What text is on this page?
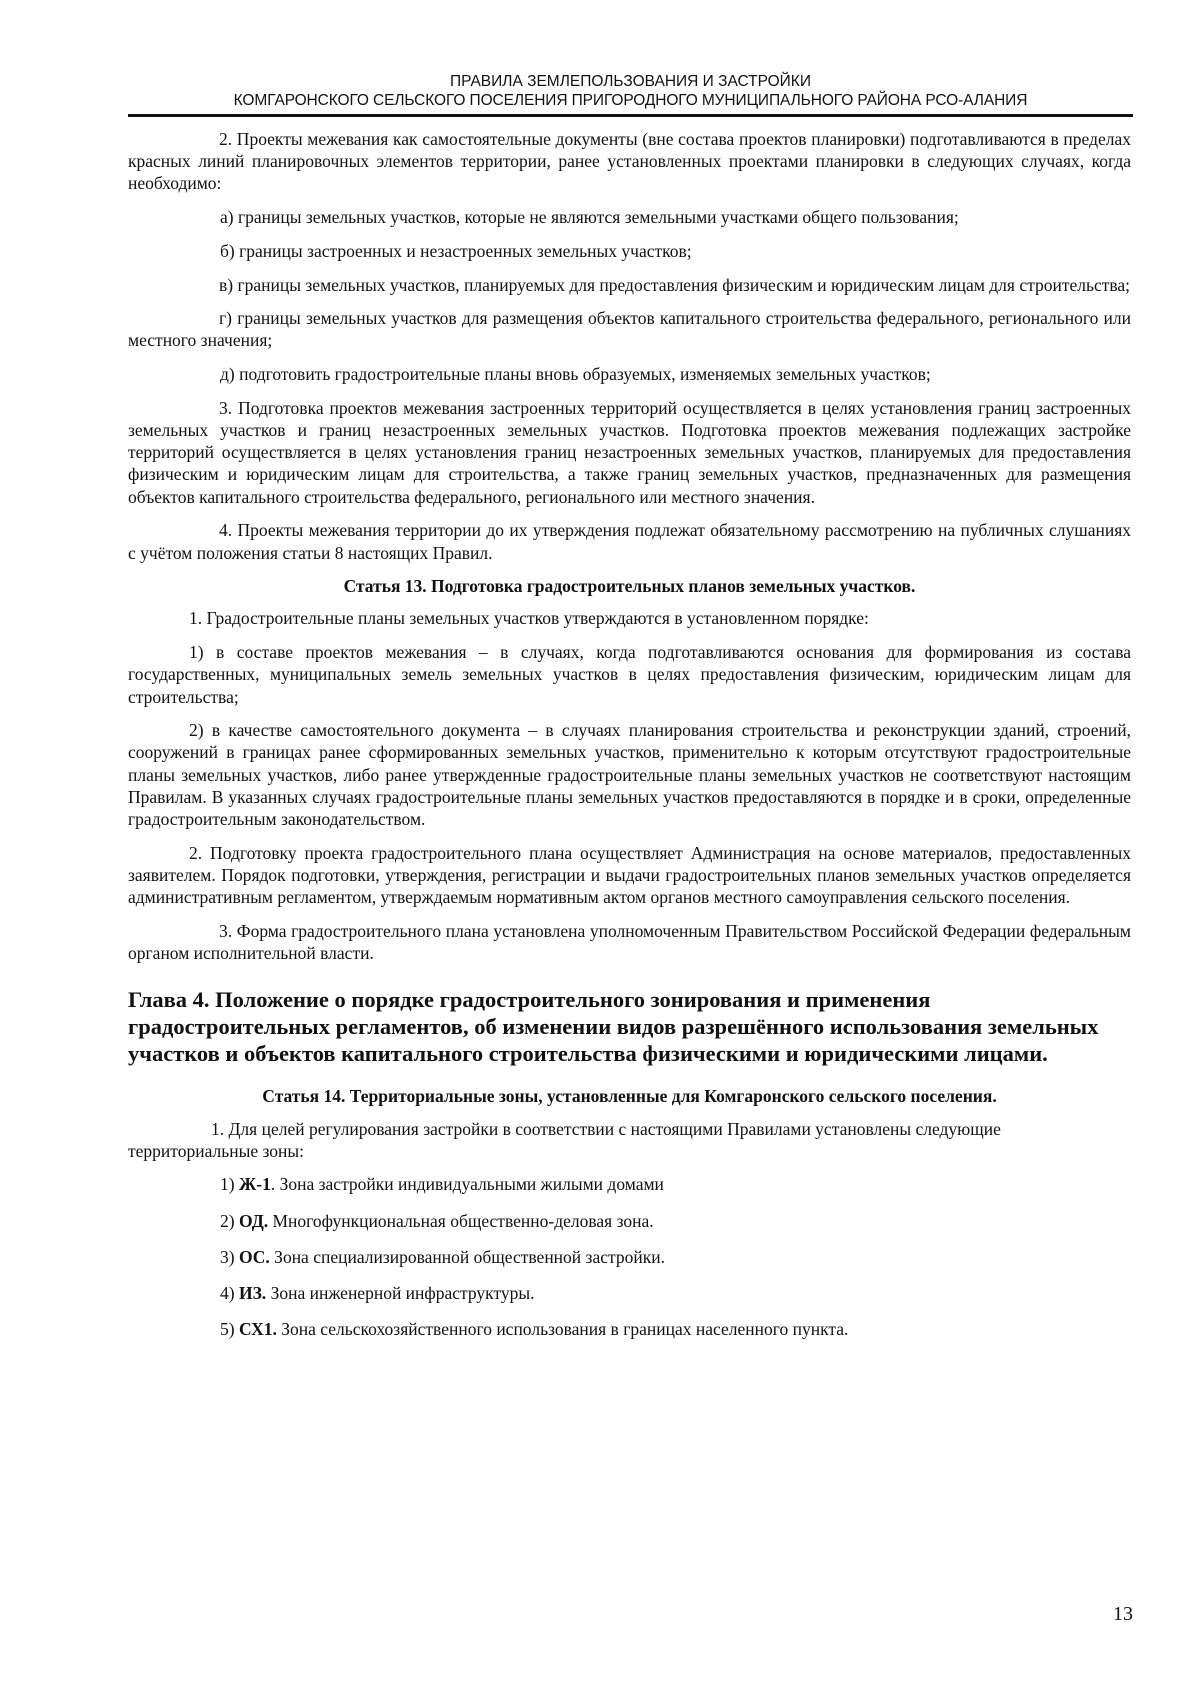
ПРАВИЛА ЗЕМЛЕПОЛЬЗОВАНИЯ И ЗАСТРОЙКИ
КОМГАРОНСКОГО СЕЛЬСКОГО ПОСЕЛЕНИЯ ПРИГОРОДНОГО МУНИЦИПАЛЬНОГО РАЙОНА РСО-АЛАНИЯ

2. Проекты межевания как самостоятельные документы (вне состава проектов планировки) подготавливаются в пределах красных линий планировочных элементов территории, ранее установленных проектами планировки в следующих случаях, когда необходимо:

а) границы земельных участков, которые не являются земельными участками общего пользования;

б) границы застроенных и незастроенных земельных участков;

в) границы земельных участков, планируемых для предоставления физическим и юридическим лицам для строительства;

г) границы земельных участков для размещения объектов капитального строительства федерального, регионального или местного значения;

д) подготовить градостроительные планы вновь образуемых, изменяемых земельных участков;

3. Подготовка проектов межевания застроенных территорий осуществляется в целях установления границ застроенных земельных участков и границ незастроенных земельных участков. Подготовка проектов межевания подлежащих застройке территорий осуществляется в целях установления границ незастроенных земельных участков, планируемых для предоставления физическим и юридическим лицам для строительства, а также границ земельных участков, предназначенных для размещения объектов капитального строительства федерального, регионального или местного значения.

4. Проекты межевания территории до их утверждения подлежат обязательному рассмотрению на публичных слушаниях с учётом положения статьи 8 настоящих Правил.

Статья 13. Подготовка градостроительных планов земельных участков.

1. Градостроительные планы земельных участков утверждаются в установленном порядке:

1) в составе проектов межевания – в случаях, когда подготавливаются основания для формирования из состава государственных, муниципальных земель земельных участков в целях предоставления физическим, юридическим лицам для строительства;

2) в качестве самостоятельного документа – в случаях планирования строительства и реконструкции зданий, строений, сооружений в границах ранее сформированных земельных участков, применительно к которым отсутствуют градостроительные планы земельных участков, либо ранее утвержденные градостроительные планы земельных участков не соответствуют настоящим Правилам. В указанных случаях градостроительные планы земельных участков предоставляются в порядке и в сроки, определенные градостроительным законодательством.

2. Подготовку проекта градостроительного плана осуществляет Администрация на основе материалов, предоставленных заявителем. Порядок подготовки, утверждения, регистрации и выдачи градостроительных планов земельных участков определяется административным регламентом, утверждаемым нормативным актом органов местного самоуправления сельского поселения.

3. Форма градостроительного плана установлена уполномоченным Правительством Российской Федерации федеральным органом исполнительной власти.

Глава 4. Положение о порядке градостроительного зонирования и применения градостроительных регламентов, об изменении видов разрешённого использования земельных участков и объектов капитального строительства физическими и юридическими лицами.

Статья 14. Территориальные зоны, установленные для Комгаронского сельского поселения.

1. Для целей регулирования застройки в соответствии с настоящими Правилами установлены следующие территориальные зоны:

1) Ж-1. Зона застройки индивидуальными жилыми домами

2) ОД. Многофункциональная общественно-деловая зона.

3) ОС. Зона специализированной общественной застройки.

4) ИЗ. Зона инженерной инфраструктуры.

5) СХ1. Зона сельскохозяйственного использования в границах населенного пункта.

13
